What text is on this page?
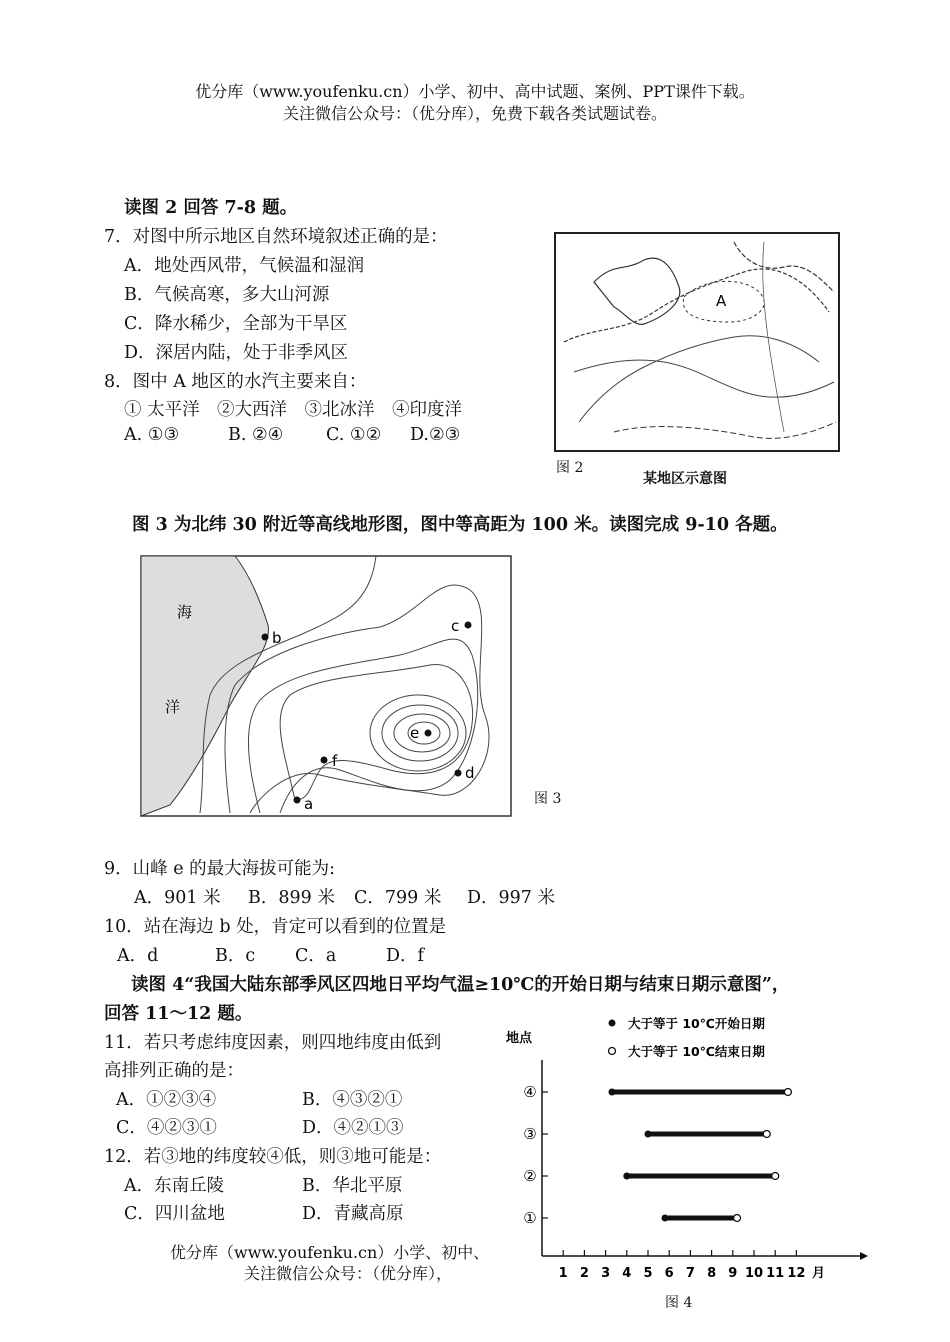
优分库（www.youfenku.cn）小学、初中、高中试题、案例、PPT课件下载。
关注微信公众号：（优分库），免费下载各类试题试卷。
读图 2 回答 7-8 题。
7．对图中所示地区自然环境叙述正确的是：
A．地处西风带，气候温和湿润
B．气候高寒，多大山河源
C．降水稀少，全部为干旱区
D．深居内陆，处于非季风区
8．图中 A 地区的水汽主要来自：
① 太平洋　②大西洋　③北冰洋　④印度洋
A. ①③	B. ②④ C. ①② D.②③
A
图 2
某地区示意图
图 3 为北纬 30 附近等高线地形图，图中等高距为 100 米。读图完成 9-10 各题。
海
洋
b
c
e
f
d
a	图 3
9．山峰 e 的最大海拔可能为:
A．901 米 B．899 米 C．799 米 D．997 米
10．站在海边 b 处，肯定可以看到的位置是
A．d	B．c C．a	D．f
读图 4“我国大陆东部季风区四地日平均气温≥10℃的开始日期与结束日期示意图”，
回答 11～12 题。
11．若只考虑纬度因素，则四地纬度由低到
高排列正确的是：
A．①②③④	B．④③②①
C．④②③①	D．④②①③
12．若③地的纬度较④低，则③地可能是：
A．东南丘陵	B．华北平原
C．四川盆地	D．青藏高原
地点
大于等于 10℃开始日期
大于等于 10℃结束日期
月
1 2 3 4 5 6 7 8 9 10 11 12
④
③
②
①
图 4
优分库（www.youfenku.cn）小学、初中、
关注微信公众号：（优分库），
